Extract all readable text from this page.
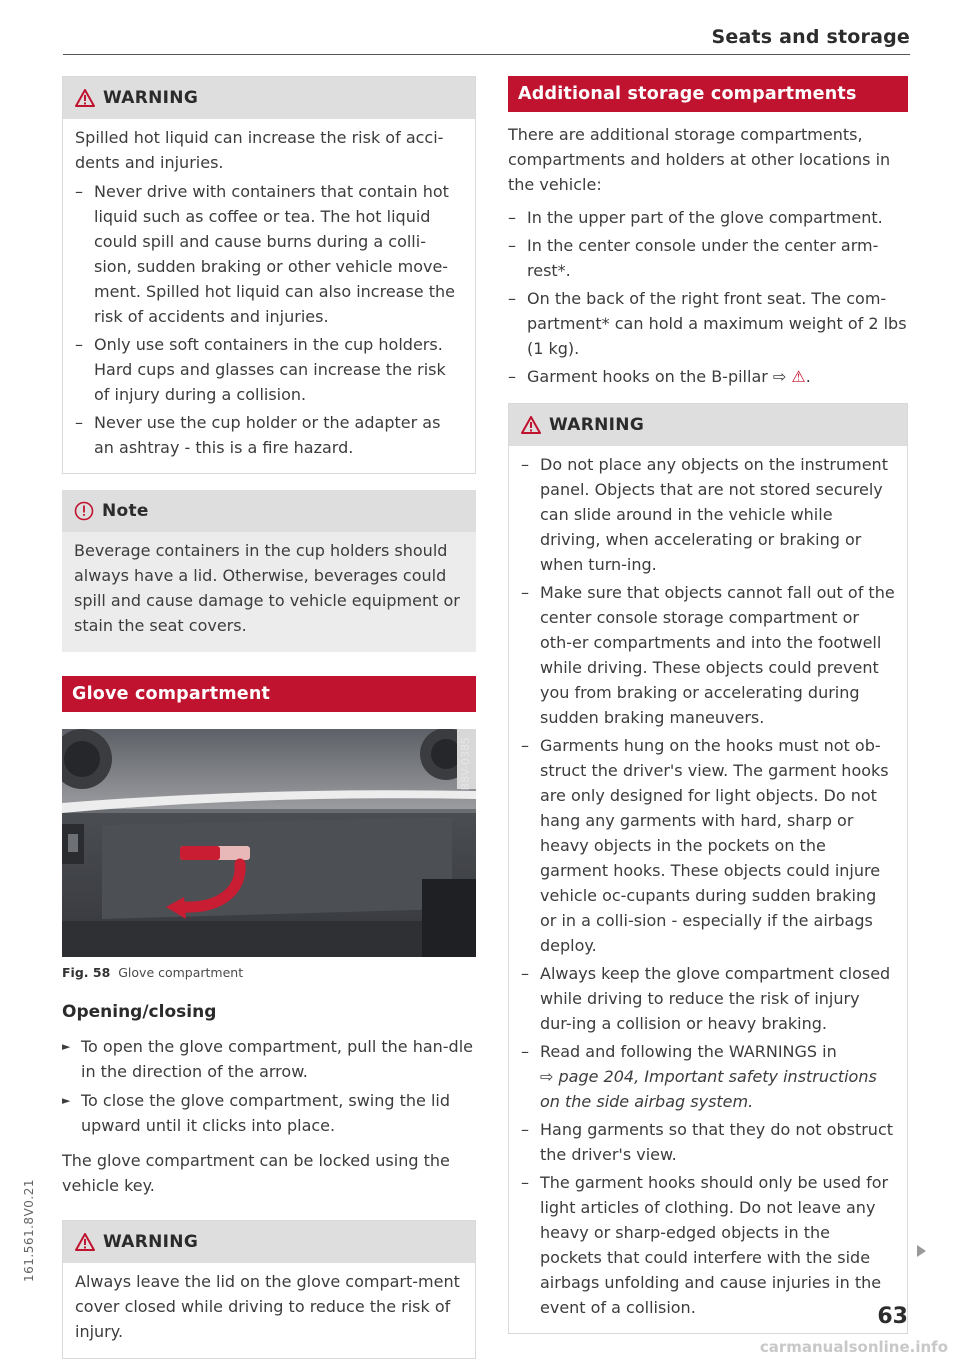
Seats and storage
WARNING

Spilled hot liquid can increase the risk of acci-dents and injuries.

– Never drive with containers that contain hot liquid such as coffee or tea. The hot liquid could spill and cause burns during a colli-sion, sudden braking or other vehicle move-ment. Spilled hot liquid can also increase the risk of accidents and injuries.
– Only use soft containers in the cup holders. Hard cups and glasses can increase the risk of injury during a collision.
– Never use the cup holder or the adapter as an ashtray - this is a fire hazard.
Note

Beverage containers in the cup holders should always have a lid. Otherwise, beverages could spill and cause damage to vehicle equipment or stain the seat covers.

Glove compartment
B8V-0385
Fig. 58 Glove compartment
Opening/closing
► To open the glove compartment, pull the han-dle in the direction of the arrow.
► To close the glove compartment, swing the lid upward until it clicks into place.

The glove compartment can be locked using the vehicle key.

WARNING

Always leave the lid on the glove compart-ment cover closed while driving to reduce the risk of injury.

Additional storage compartments

There are additional storage compartments, compartments and holders at other locations in the vehicle:

– In the upper part of the glove compartment.
– In the center console under the center arm-rest*.
– On the back of the right front seat. The com-partment* can hold a maximum weight of 2 lbs (1 kg).
– Garment hooks on the B-pillar ⇨ ⚠.
WARNING
– Do not place any objects on the instrument panel. Objects that are not stored securely can slide around in the vehicle while driving, when accelerating or braking or when turn-ing.
– Make sure that objects cannot fall out of the center console storage compartment or oth-er compartments and into the footwell while driving. These objects could prevent you from braking or accelerating during sudden braking maneuvers.
– Garments hung on the hooks must not ob-struct the driver's view. The garment hooks are only designed for light objects. Do not hang any garments with hard, sharp or heavy objects in the pockets on the garment hooks. These objects could injure vehicle oc-cupants during sudden braking or in a colli-sion - especially if the airbags deploy.
– Always keep the glove compartment closed while driving to reduce the risk of injury dur-ing a collision or heavy braking.
– Read and following the WARNINGS in
⇨ page 204, Important safety instructions on the side airbag system.
– Hang garments so that they do not obstruct the driver's view.
– The garment hooks should only be used for light articles of clothing. Do not leave any heavy or sharp-edged objects in the pockets that could interfere with the side airbags unfolding and cause injuries in the event of a collision.
161.561.8V0.21
63
carmanualsonline.info
